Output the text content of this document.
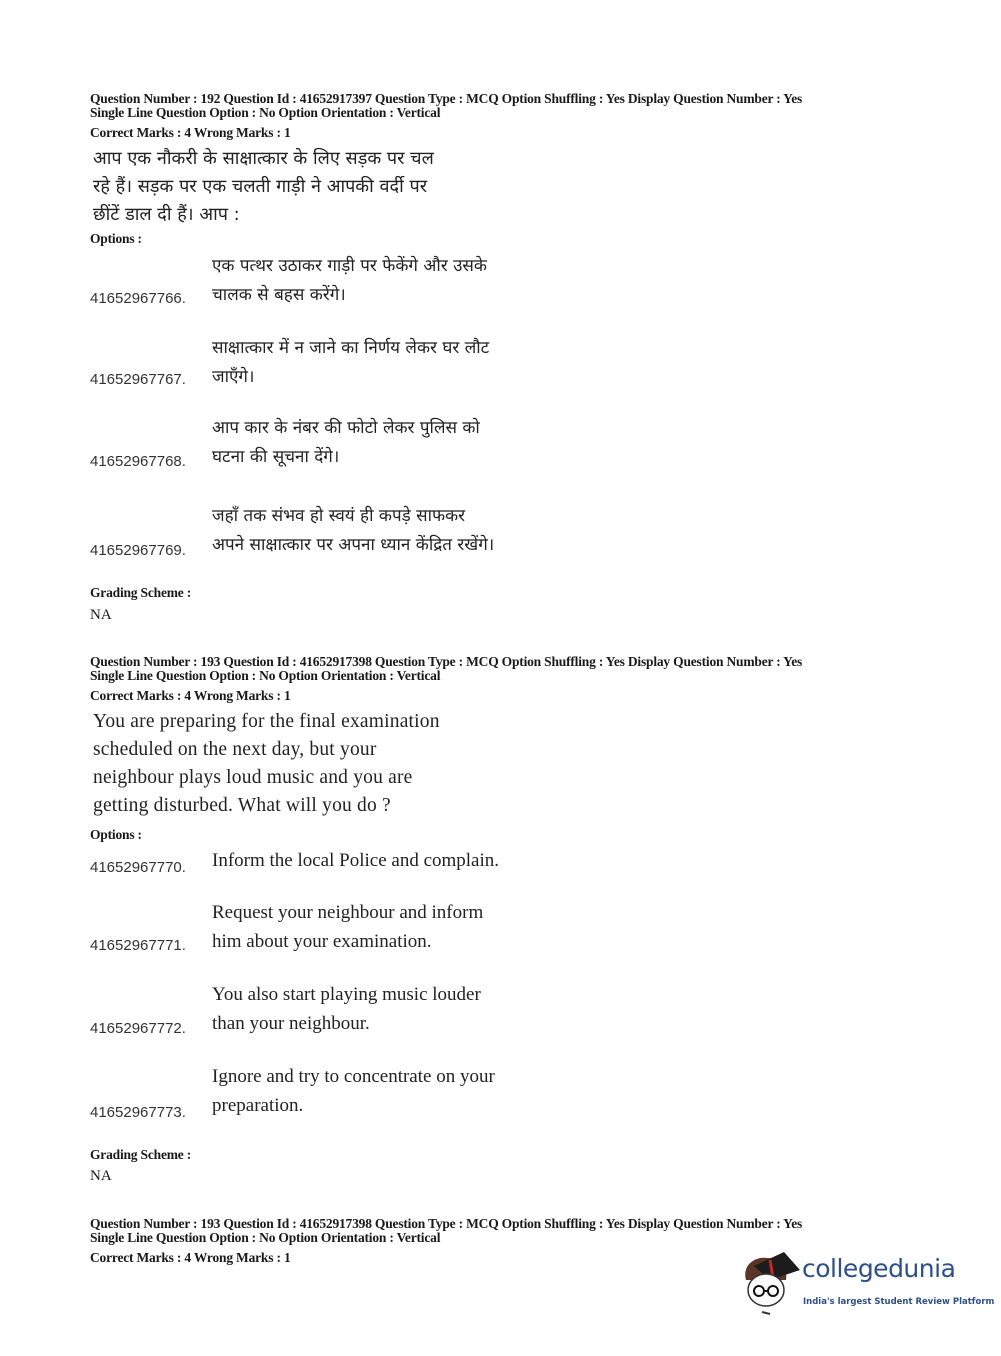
Question Number : 192 Question Id : 41652917397 Question Type : MCQ Option Shuffling : Yes Display Question Number : Yes
Single Line Question Option : No Option Orientation : Vertical
Correct Marks : 4 Wrong Marks : 1
आप एक नौकरी के साक्षात्कार के लिए सड़क पर चल
रहे हैं। सड़क पर एक चलती गाड़ी ने आपकी वर्दी पर
छींटें डाल दी हैं। आप :
Options :
41652967766.
एक पत्थर उठाकर गाड़ी पर फेकेंगे और उसके
चालक से बहस करेंगे।
41652967767.
साक्षात्कार में न जाने का निर्णय लेकर घर लौट
जाएँगे।
41652967768.
आप कार के नंबर की फोटो लेकर पुलिस को
घटना की सूचना देंगे।
41652967769.
जहाँ तक संभव हो स्वयं ही कपड़े साफकर
अपने साक्षात्कार पर अपना ध्यान केंद्रित रखेंगे।
Grading Scheme :
NA
Question Number : 193 Question Id : 41652917398 Question Type : MCQ Option Shuffling : Yes Display Question Number : Yes
Single Line Question Option : No Option Orientation : Vertical
Correct Marks : 4 Wrong Marks : 1
You are preparing for the final examination
scheduled on the next day, but your
neighbour plays loud music and you are
getting disturbed. What will you do ?
Options :
41652967770. Inform the local Police and complain.
41652967771.
Request your neighbour and inform
him about your examination.
41652967772.
You also start playing music louder
than your neighbour.
41652967773.
Ignore and try to concentrate on your
preparation.
Grading Scheme :
NA
Question Number : 193 Question Id : 41652917398 Question Type : MCQ Option Shuffling : Yes Display Question Number : Yes
Single Line Question Option : No Option Orientation : Vertical
Correct Marks : 4 Wrong Marks : 1	collegedunia
India's largest Student Review Platform
